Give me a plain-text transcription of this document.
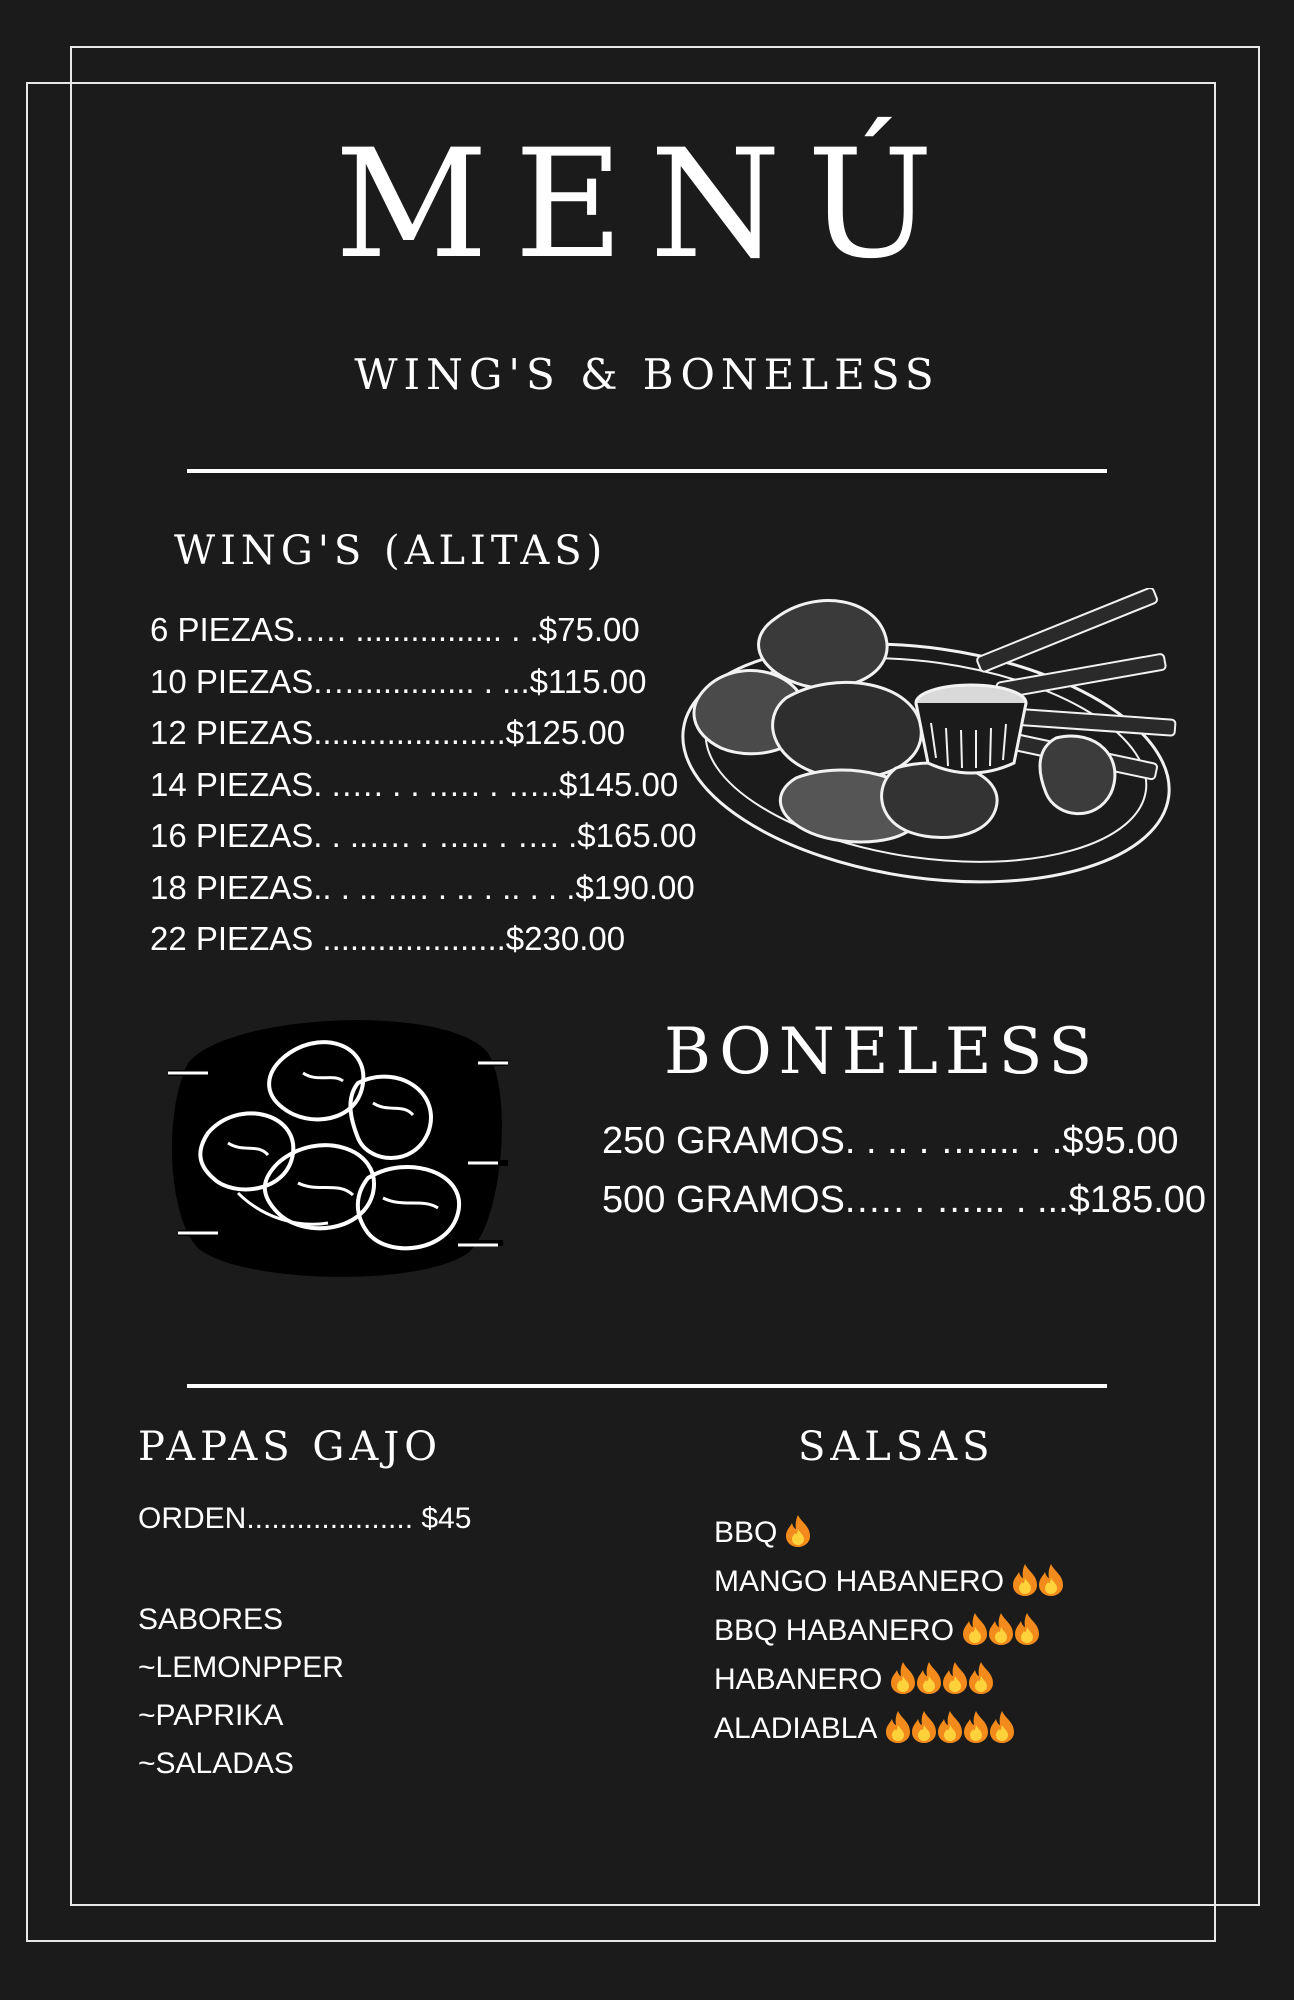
MENÚ
WING'S & BONELESS
WING'S (ALITAS)
6 PIEZAS.…. ................ . .$75.00
10 PIEZAS.…............. . ...$115.00
12 PIEZAS.....................$125.00
14 PIEZAS. .…. . . .…. . …..$145.00
16 PIEZAS. . ..…. . ….. . …. .$165.00
18 PIEZAS.. . .. …. . .. . .. . . .$190.00
22 PIEZAS ....................$230.00
BONELESS
250 GRAMOS. . .. . ….... . .$95.00
500 GRAMOS.…. . …... . ...$185.00
PAPAS GAJO
ORDEN.................... $45
SABORES
~LEMONPPER
~PAPRIKA
~SALADAS
SALSAS
BBQ
MANGO HABANERO
BBQ HABANERO
HABANERO
ALADIABLA
